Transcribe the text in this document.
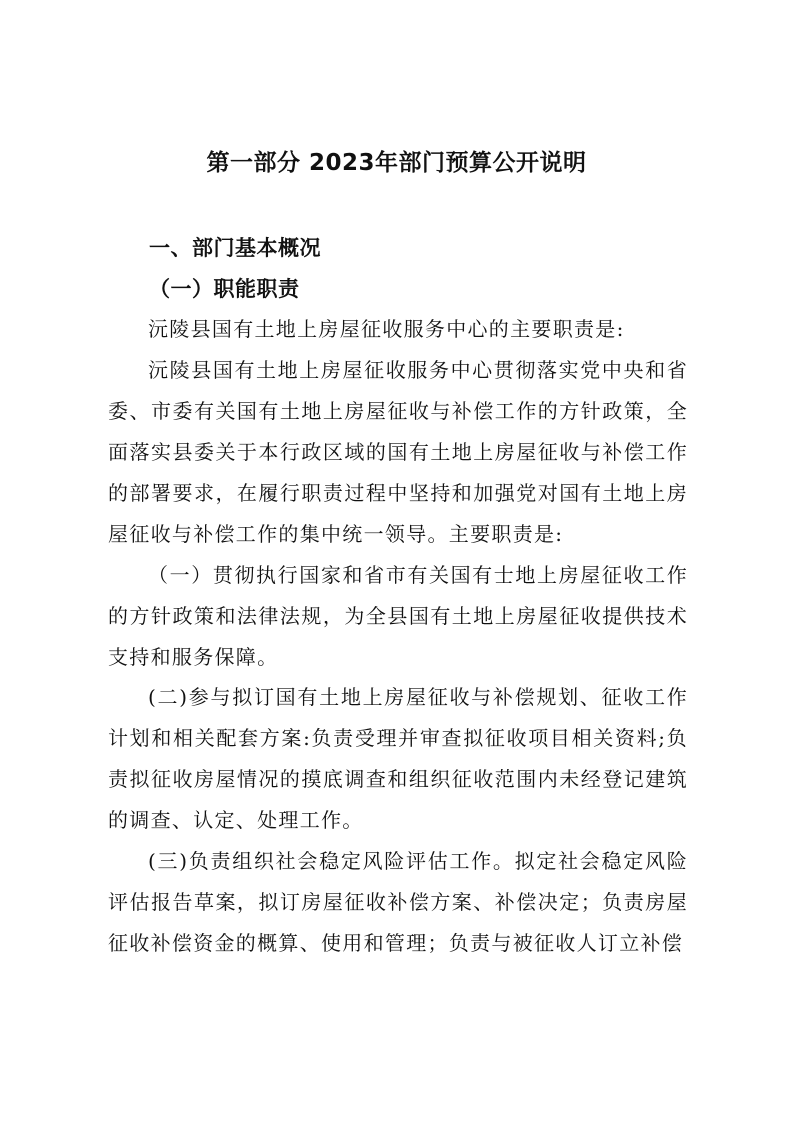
第一部分 2023年部门预算公开说明
一、部门基本概况
（一）职能职责

沅陵县国有土地上房屋征收服务中心的主要职责是:

沅陵县国有土地上房屋征收服务中心贯彻落实党中央和省委、市委有关国有土地上房屋征收与补偿工作的方针政策，全面落实县委关于本行政区域的国有土地上房屋征收与补偿工作的部署要求，在履行职责过程中坚持和加强党对国有土地上房屋征收与补偿工作的集中统一领导。主要职责是:

（一）贯彻执行国家和省市有关国有士地上房屋征收工作的方针政策和法律法规，为全县国有土地上房屋征收提供技术支持和服务保障。

(二)参与拟订国有土地上房屋征收与补偿规划、征收工作计划和相关配套方案:负责受理并审查拟征收项目相关资料;负责拟征收房屋情况的摸底调查和组织征收范围内未经登记建筑的调查、认定、处理工作。

(三)负责组织社会稳定风险评估工作。拟定社会稳定风险评估报告草案，拟订房屋征收补偿方案、补偿决定；负责房屋征收补偿资金的概算、使用和管理；负责与被征收人订立补偿
